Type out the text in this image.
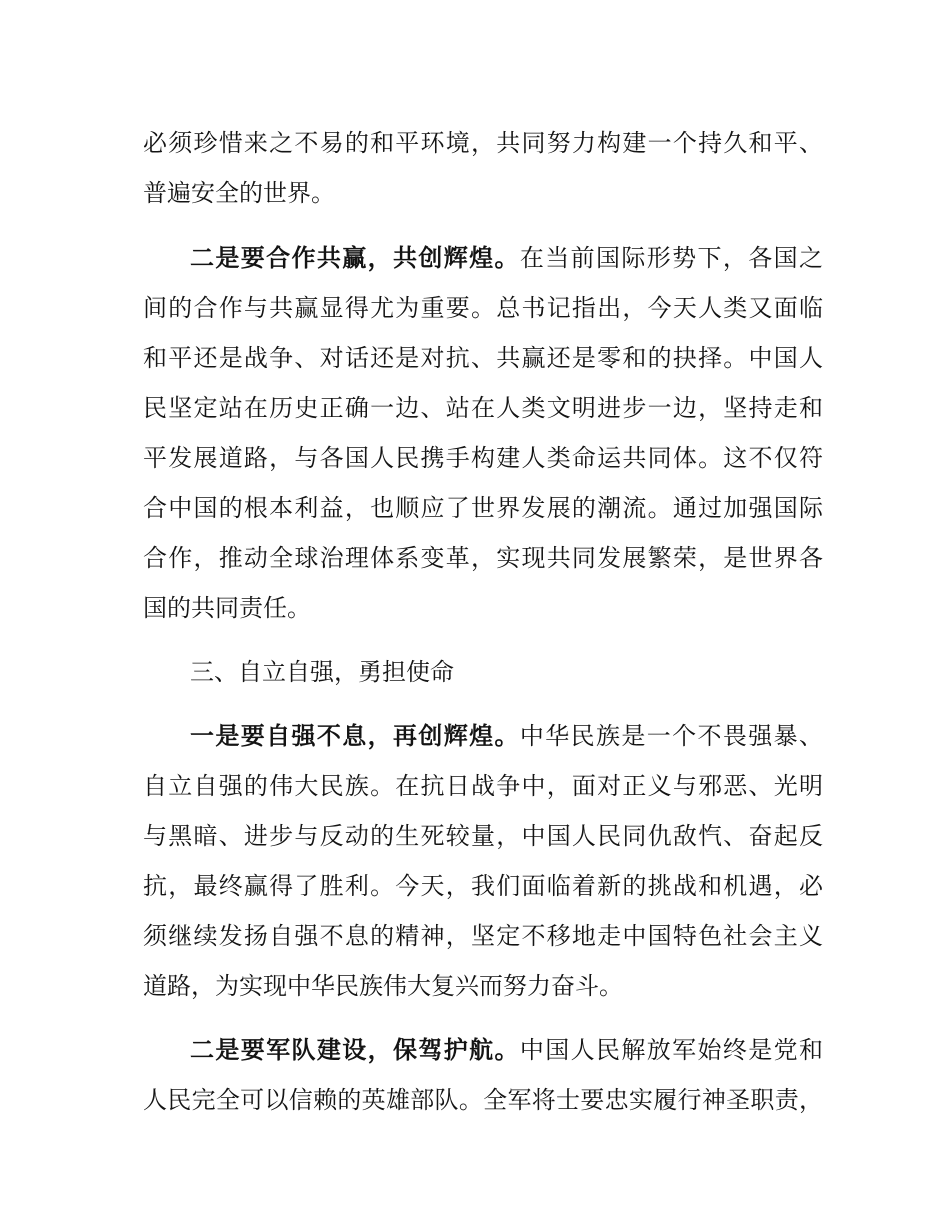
必须珍惜来之不易的和平环境，共同努力构建一个持久和平、
普遍安全的世界。
二是要合作共赢，共创辉煌。在当前国际形势下，各国之
间的合作与共赢显得尤为重要。总书记指出，今天人类又面临
和平还是战争、对话还是对抗、共赢还是零和的抉择。中国人
民坚定站在历史正确一边、站在人类文明进步一边，坚持走和
平发展道路，与各国人民携手构建人类命运共同体。这不仅符
合中国的根本利益，也顺应了世界发展的潮流。通过加强国际
合作，推动全球治理体系变革，实现共同发展繁荣，是世界各
国的共同责任。
三、自立自强，勇担使命
一是要自强不息，再创辉煌。中华民族是一个不畏强暴、
自立自强的伟大民族。在抗日战争中，面对正义与邪恶、光明
与黑暗、进步与反动的生死较量，中国人民同仇敌忾、奋起反
抗，最终赢得了胜利。今天，我们面临着新的挑战和机遇，必
须继续发扬自强不息的精神，坚定不移地走中国特色社会主义
道路，为实现中华民族伟大复兴而努力奋斗。
二是要军队建设，保驾护航。中国人民解放军始终是党和
人民完全可以信赖的英雄部队。全军将士要忠实履行神圣职责，
